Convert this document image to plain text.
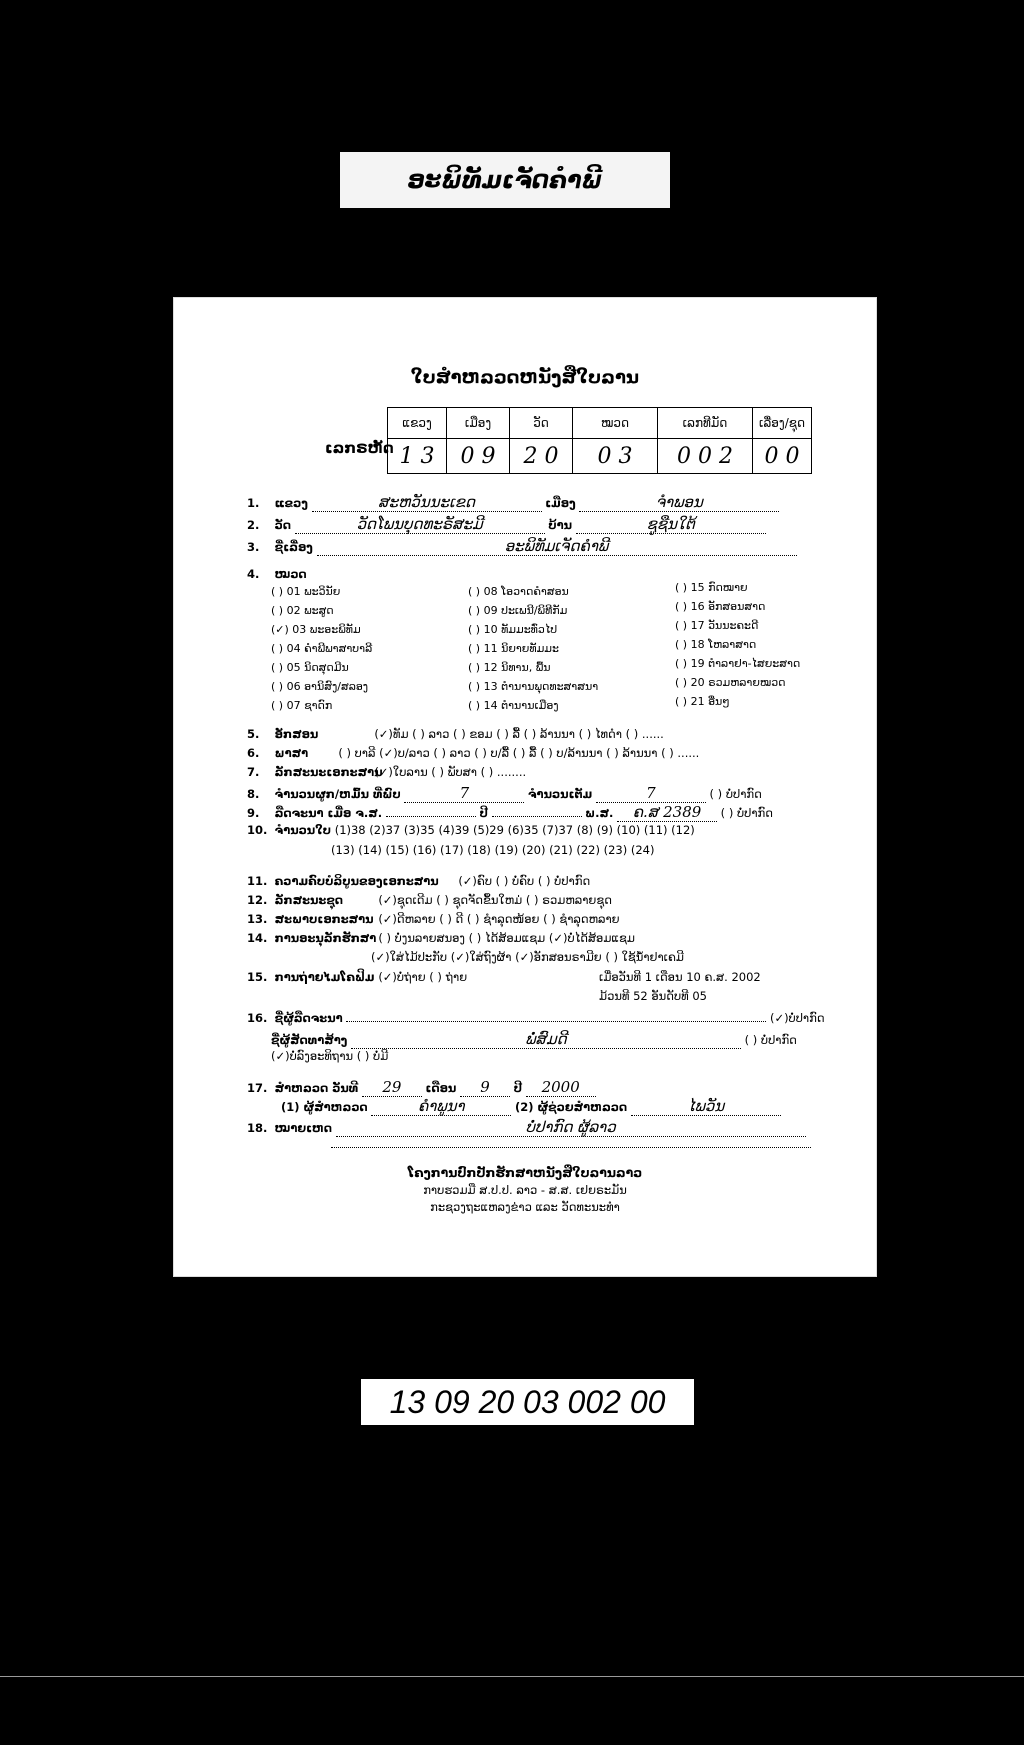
ອະພິທັມເຈັດຄຳພີ
ໃບສຳຫລວດຫນັງສືໃບລານ
ເລກຣຫັດ
ແຂວງ	ເມືອງ	ວັດ	ໝວດ	ເລກທີມັດ	ເລື່ອງ/ຊຸດ
1 3	0 9	2 0	0 3	0 0 2	0 0
1. ແຂວງ	ສະຫວັນນະເຂດ	ເມືອງ	ຈຳພອນ
2. ວັດ	ວັດໂພນບຸດທະຣັສະມີ	ບ້ານ	ຊູຊືນໃຕ້
3. ຊື່ເລື່ອງ	ອະພິທັມເຈັດຄຳພີ
4. ໝວດ
( ) 01 ພະວິນັຍ
( ) 02 ພະສູດ
(✓) 03 ພະອະພິທັມ
( ) 04 ຄຳພີພາສາບາລີ
( ) 05 ນິດສຸດມີນ
( ) 06 ອານິສົງ/ສລອງ
( ) 07 ຊາດົກ
( ) 08 ໂອວາດຄຳສອນ
( ) 09 ປະເພນີ/ພິທີກັມ
( ) 10 ທັມມະທົ່ວໄປ
( ) 11 ນິຍາຍທັມມະ
( ) 12 ນິທານ, ພື້ນ
( ) 13 ຕຳນານພຸດທະສາສນາ
( ) 14 ຕຳນານເມືອງ
( ) 15 ກົດໝາຍ
( ) 16 ອັກສອນສາດ
( ) 17 ວັນນະຄະດີ
( ) 18 ໂຫລາສາດ
( ) 19 ຕຳລາຢາ-ໄສຍະສາດ
( ) 20 ຣວມຫລາຍໝວດ
( ) 21 ອື່ນໆ
5. ອັກສອນ	(✓)ທັມ ( ) ລາວ ( ) ຂອມ ( ) ລື້ ( ) ລ້ານນາ ( ) ໄທດຳ ( ) ......
6. ພາສາ	( ) ບາລີ (✓)ບ/ລາວ ( ) ລາວ ( ) ບ/ລື້ ( ) ລື້ ( ) ບ/ລ້ານນາ ( ) ລ້ານນາ ( ) ......
7. ລັກສະນະເອກະສານ (✓)ໃບລານ ( ) ພັບສາ ( ) ........
8. ຈຳນວນຜູກ/ຫມົ້ນ ທີ່ພົບ	7	ຈຳນວນເຕັມ	7	( ) ບໍ່ປາກົດ
9. ລືດຈະນາ ເມື່ອ ຈ.ສ.	ປີ	ພ.ສ. ຄ.ສ 2389 ( ) ບໍ່ປາກົດ
10. ຈຳນວນໃບ (1)38 (2)37 (3)35 (4)39 (5)29 (6)35 (7)37 (8) (9) (10) (11) (12)
(13) (14) (15) (16) (17) (18) (19) (20) (21) (22) (23) (24)
11. ຄວາມຄົບບໍລິບູນຂອງເອກະສານ (✓)ຄົບ ( ) ບໍ່ຄົບ ( ) ບໍ່ປາກົດ
12. ລັກສະນະຊຸດ	(✓)ຊຸດເດີມ ( ) ຊຸດຈັດຂຶ້ນໃຫມ່ ( ) ຣວມຫລາຍຊຸດ
13. ສະພາບເອກະສານ (✓)ດີຫລາຍ ( ) ດີ ( ) ຊຳລຸດໜ້ອຍ ( ) ຊຳລຸດຫລາຍ
14. ການອະນຸລັກຮັກສາ ( ) ບໍ່ງນລາຍສນອງ ( ) ໄດ້ສ້ອມແຊມ (✓)ບໍ່ໄດ້ສ້ອມແຊມ
(✓)ໃສ່ໄມ້ປະກັບ (✓)ໃສ່ຖົງຜ້າ (✓)ອັກສອນຣາມີຍ ( ) ໃຊ້ນ້ຳຢາເຄມີ
15. ການຖ່າຍໄມໂຄຟິມ (✓)ບໍ່ຖ່າຍ ( ) ຖ່າຍ	ເມື່ອວັນທີ 1 ເດືອນ 10 ຄ.ສ. 2002
ມ້ວນທີ 52 ອັນດັບທີ 05
16. ຊື່ຜູ້ລືດຈະນາ	(✓)ບໍ່ປາກົດ
ຊື່ຜູ້ສັດທາສ້າງ	ພໍ່ສົມດີ	( ) ບໍ່ປາກົດ
(✓)ບໍ່ລົງອະທິຖານ ( ) ບໍ່ມີ
17. ສຳຫລວດ ວັນທີ 29 ເດືອນ 9 ປີ 2000
(1) ຜູ້ສຳຫລວດ	ຄຳພູນາ	(2) ຜູ້ຊ່ວຍສຳຫລວດ	ໄພວັນ
18. ໝາຍເຫດ	ບໍ່ປາກົດ ຜູ້ລາວ
ໂຄງການປົກປັກຮັກສາຫນັງສືໃບລານລາວ
ກາບຮວມມື ສ.ປ.ປ. ລາວ - ສ.ສ. ເຢຍຣະມັນ
ກະຊວງຖະແຫລງຂ່າວ ແລະ ວັດທະນະທຳ
13 09 20 03 002 00
